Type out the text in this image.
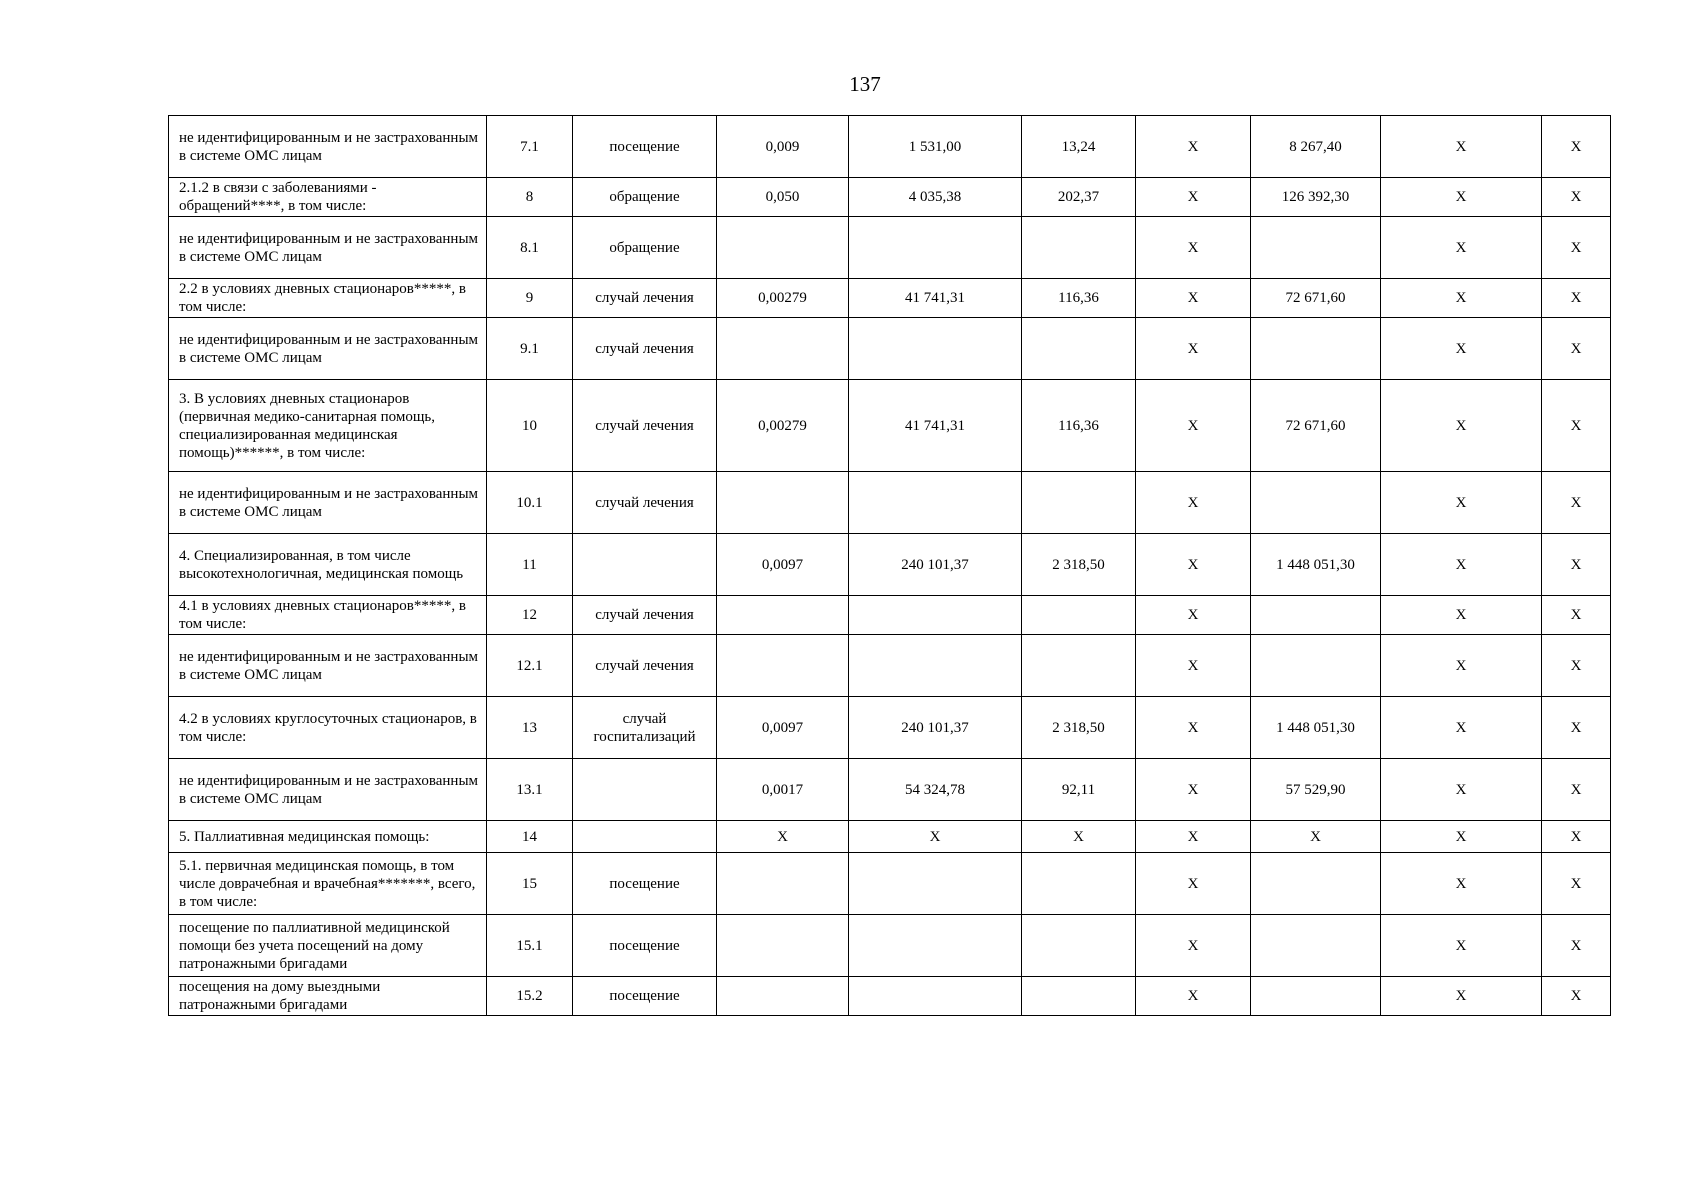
137
не идентифицированным и не застрахованным в системе ОМС лицам	7.1	посещение	0,009	1 531,00	13,24	Х	8 267,40	Х	Х
2.1.2 в связи с заболеваниями - обращений****, в том числе:	8	обращение	0,050	4 035,38	202,37	Х	126 392,30	Х	Х
не идентифицированным и не застрахованным в системе ОМС лицам	8.1	обращение				Х		Х	Х
2.2 в условиях дневных стационаров*****, в том числе:	9	случай лечения	0,00279	41 741,31	116,36	Х	72 671,60	Х	Х
не идентифицированным и не застрахованным в системе ОМС лицам	9.1	случай лечения				Х		Х	Х
3. В условиях дневных стационаров (первичная медико-санитарная помощь, специализированная медицинская помощь)******, в том числе:	10	случай лечения	0,00279	41 741,31	116,36	Х	72 671,60	Х	Х
не идентифицированным и не застрахованным в системе ОМС лицам	10.1	случай лечения				Х		Х	Х
4. Специализированная, в том числе высокотехнологичная, медицинская помощь	11		0,0097	240 101,37	2 318,50	Х	1 448 051,30	Х	Х
4.1 в условиях дневных стационаров*****, в том числе:	12	случай лечения				Х		Х	Х
не идентифицированным и не застрахованным в системе ОМС лицам	12.1	случай лечения				Х		Х	Х
4.2 в условиях круглосуточных стационаров, в том числе:	13	случай госпитализаций	0,0097	240 101,37	2 318,50	Х	1 448 051,30	Х	Х
не идентифицированным и не застрахованным в системе ОМС лицам	13.1		0,0017	54 324,78	92,11	Х	57 529,90	Х	Х
5. Паллиативная медицинская помощь:	14		Х	Х	Х	Х	Х	Х	Х
5.1. первичная медицинская помощь, в том числе доврачебная и врачебная*******, всего, в том числе:	15	посещение				Х		Х	Х
посещение по паллиативной медицинской помощи без учета посещений на дому патронажными бригадами	15.1	посещение				Х		Х	Х
посещения на дому выездными патронажными бригадами	15.2	посещение				Х		Х	Х
